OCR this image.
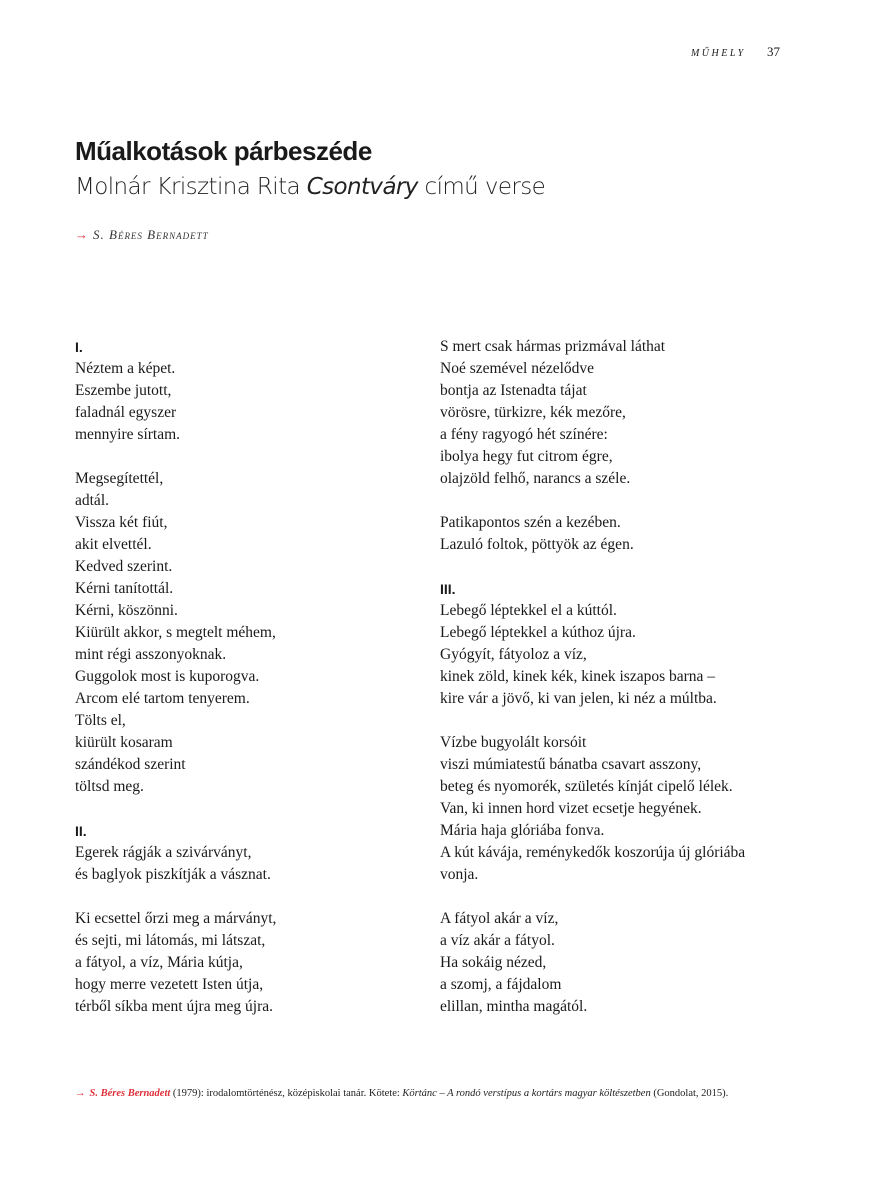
MŰHELY 37
Műalkotások párbeszéde
Molnár Krisztina Rita Csontváry című verse
→ S. Béres Bernadett
I.
Néztem a képet.
Eszembe jutott,
faladnál egyszer
mennyire sírtam.
Megsegítettél,
adtál.
Vissza két fiút,
akit elvettél.
Kedved szerint.
Kérni tanítottál.
Kérni, köszönni.
Kiürült akkor, s megtelt méhem,
mint régi asszonyoknak.
Guggolok most is kuporogva.
Arcom elé tartom tenyerem.
Tölts el,
kiürült kosaram
szándékod szerint
töltsd meg.
II.
Egerek rágják a szivárványt,
és baglyok piszkítják a vásznat.
Ki ecsettel őrzi meg a márványt,
és sejti, mi látomás, mi látszat,
a fátyol, a víz, Mária kútja,
hogy merre vezetett Isten útja,
térből síkba ment újra meg újra.
S mert csak hármas prizmával láthat
Noé szemével nézelődve
bontja az Istenadta tájat
vörösre, türkizre, kék mezőre,
a fény ragyogó hét színére:
ibolya hegy fut citrom égre,
olajzöld felhő, narancs a széle.
Patikapontos szén a kezében.
Lazuló foltok, pöttyök az égen.
III.
Lebegő léptekkel el a kúttól.
Lebegő léptekkel a kúthoz újra.
Gyógyít, fátyoloz a víz,
kinek zöld, kinek kék, kinek iszapos barna –
kire vár a jövő, ki van jelen, ki néz a múltba.
Vízbe bugyolált korsóit
viszi múmiatestű bánatba csavart asszony,
beteg és nyomorék, születés kínját cipelő lélek.
Van, ki innen hord vizet ecsetje hegyének.
Mária haja glóriába fonva.
A kút kávája, reménykedők koszorúja új glóriába
vonja.
A fátyol akár a víz,
a víz akár a fátyol.
Ha sokáig nézed,
a szomj, a fájdalom
elillan, mintha magától.
→ S. Béres Bernadett (1979): irodalomtörténész, középiskolai tanár. Kötete: Körtánc – A rondó verstípus a kortárs magyar költészetben (Gondolat, 2015).
